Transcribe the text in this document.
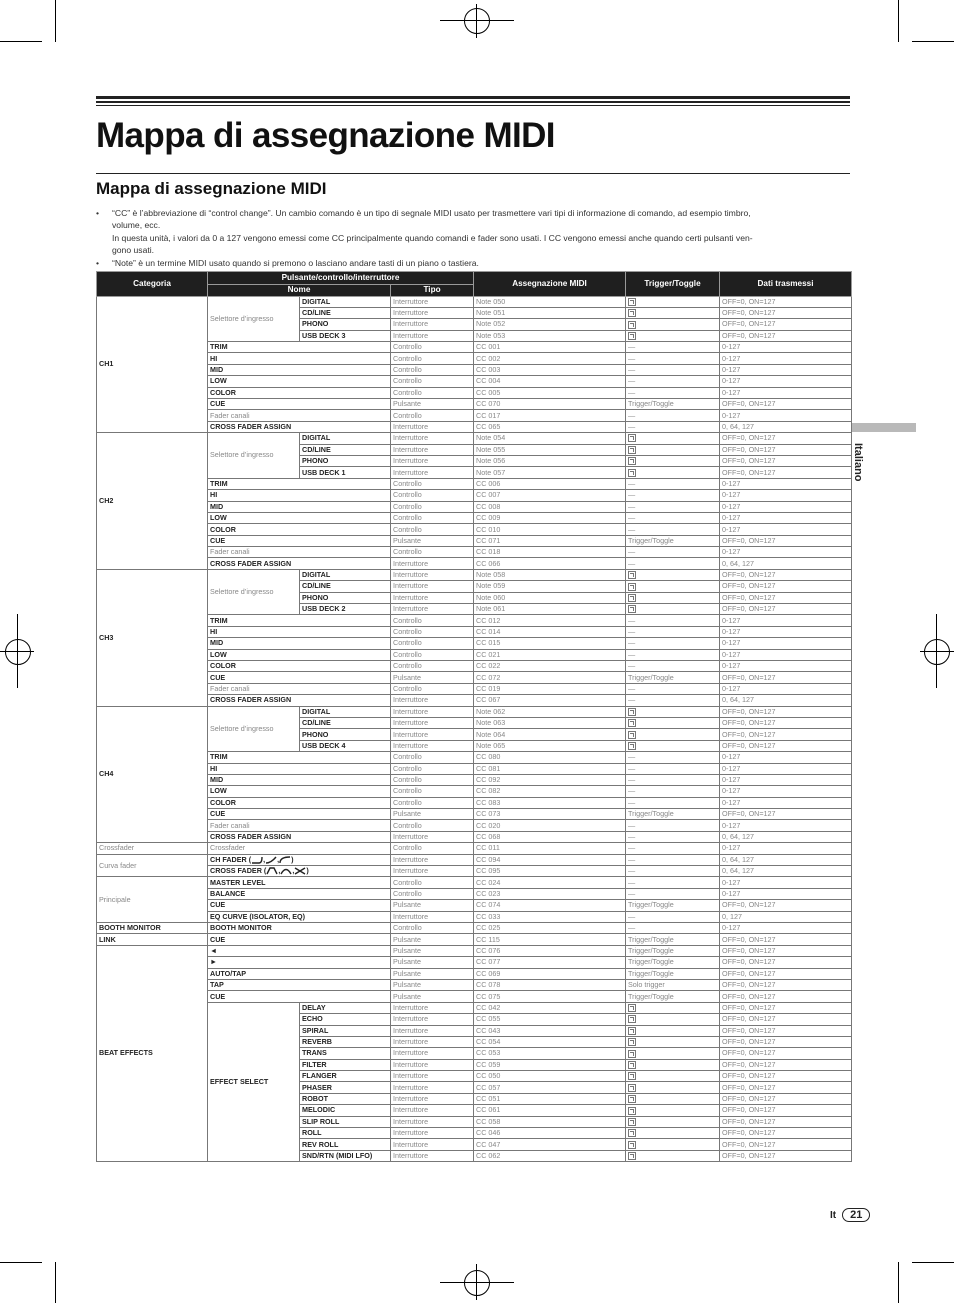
Mappa di assegnazione MIDI
Mappa di assegnazione MIDI
• “CC” è l’abbreviazione di “control change”. Un cambio comando è un tipo di segnale MIDI usato per trasmettere vari tipi di informazione di comando, ad esempio timbro,
volume, ecc.
In questa unità, i valori da 0 a 127 vengono emessi come CC principalmente quando comandi e fader sono usati. I CC vengono emessi anche quando certi pulsanti ven-
gono usati.
• “Note” è un termine MIDI usato quando si premono o lasciano andare tasti di un piano o tastiera.
Italiano
Categoria	Pulsante/controllo/interruttore			Assegnazione MIDI	Trigger/Toggle	Dati trasmessi
	Nome		Tipo			
CH1	Selettore d’ingresso	DIGITAL	Interruttore	Note 050		OFF=0, ON=127
		CD/LINE	Interruttore	Note 051		OFF=0, ON=127
		PHONO	Interruttore	Note 052		OFF=0, ON=127
		USB DECK 3	Interruttore	Note 053		OFF=0, ON=127
	TRIM		Controllo	CC 001	—	0-127
	HI		Controllo	CC 002	—	0-127
	MID		Controllo	CC 003	—	0-127
	LOW		Controllo	CC 004	—	0-127
	COLOR		Controllo	CC 005	—	0-127
	CUE		Pulsante	CC 070	Trigger/Toggle	OFF=0, ON=127
	Fader canali		Controllo	CC 017	—	0-127
	CROSS FADER ASSIGN		Interruttore	CC 065	—	0, 64, 127
CH2	Selettore d’ingresso	DIGITAL	Interruttore	Note 054		OFF=0, ON=127
		CD/LINE	Interruttore	Note 055		OFF=0, ON=127
		PHONO	Interruttore	Note 056		OFF=0, ON=127
		USB DECK 1	Interruttore	Note 057		OFF=0, ON=127
	TRIM		Controllo	CC 006	—	0-127
	HI		Controllo	CC 007	—	0-127
	MID		Controllo	CC 008	—	0-127
	LOW		Controllo	CC 009	—	0-127
	COLOR		Controllo	CC 010	—	0-127
	CUE		Pulsante	CC 071	Trigger/Toggle	OFF=0, ON=127
	Fader canali		Controllo	CC 018	—	0-127
	CROSS FADER ASSIGN		Interruttore	CC 066	—	0, 64, 127
CH3	Selettore d’ingresso	DIGITAL	Interruttore	Note 058		OFF=0, ON=127
		CD/LINE	Interruttore	Note 059		OFF=0, ON=127
		PHONO	Interruttore	Note 060		OFF=0, ON=127
		USB DECK 2	Interruttore	Note 061		OFF=0, ON=127
	TRIM		Controllo	CC 012	—	0-127
	HI		Controllo	CC 014	—	0-127
	MID		Controllo	CC 015	—	0-127
	LOW		Controllo	CC 021	—	0-127
	COLOR		Controllo	CC 022	—	0-127
	CUE		Pulsante	CC 072	Trigger/Toggle	OFF=0, ON=127
	Fader canali		Controllo	CC 019	—	0-127
	CROSS FADER ASSIGN		Interruttore	CC 067	—	0, 64, 127
CH4	Selettore d’ingresso	DIGITAL	Interruttore	Note 062		OFF=0, ON=127
		CD/LINE	Interruttore	Note 063		OFF=0, ON=127
		PHONO	Interruttore	Note 064		OFF=0, ON=127
		USB DECK 4	Interruttore	Note 065		OFF=0, ON=127
	TRIM		Controllo	CC 080	—	0-127
	HI		Controllo	CC 081	—	0-127
	MID		Controllo	CC 092	—	0-127
	LOW		Controllo	CC 082	—	0-127
	COLOR		Controllo	CC 083	—	0-127
	CUE		Pulsante	CC 073	Trigger/Toggle	OFF=0, ON=127
	Fader canali		Controllo	CC 020	—	0-127
	CROSS FADER ASSIGN		Interruttore	CC 068	—	0, 64, 127
Crossfader	Crossfader		Controllo	CC 011	—	0-127
Curva fader	CH FADER ( , , )		Interruttore	CC 094	—	0, 64, 127
	CROSS FADER ( , , )		Interruttore	CC 095	—	0, 64, 127
Principale	MASTER LEVEL		Controllo	CC 024	—	0-127
	BALANCE		Controllo	CC 023	—	0-127
	CUE		Pulsante	CC 074	Trigger/Toggle	OFF=0, ON=127
	EQ CURVE (ISOLATOR, EQ)		Interruttore	CC 033	—	0, 127
BOOTH MONITOR	BOOTH MONITOR		Controllo	CC 025	—	0-127
LINK	CUE		Pulsante	CC 115	Trigger/Toggle	OFF=0, ON=127
BEAT EFFECTS	◄		Pulsante	CC 076	Trigger/Toggle	OFF=0, ON=127
	►		Pulsante	CC 077	Trigger/Toggle	OFF=0, ON=127
	AUTO/TAP		Pulsante	CC 069	Trigger/Toggle	OFF=0, ON=127
	TAP		Pulsante	CC 078	Solo trigger	OFF=0, ON=127
	CUE		Pulsante	CC 075	Trigger/Toggle	OFF=0, ON=127
	EFFECT SELECT	DELAY	Interruttore	CC 042		OFF=0, ON=127
		ECHO	Interruttore	CC 055		OFF=0, ON=127
		SPIRAL	Interruttore	CC 043		OFF=0, ON=127
		REVERB	Interruttore	CC 054		OFF=0, ON=127
		TRANS	Interruttore	CC 053		OFF=0, ON=127
		FILTER	Interruttore	CC 059		OFF=0, ON=127
		FLANGER	Interruttore	CC 050		OFF=0, ON=127
		PHASER	Interruttore	CC 057		OFF=0, ON=127
		ROBOT	Interruttore	CC 051		OFF=0, ON=127
		MELODIC	Interruttore	CC 061		OFF=0, ON=127
		SLIP ROLL	Interruttore	CC 058		OFF=0, ON=127
		ROLL	Interruttore	CC 046		OFF=0, ON=127
		REV ROLL	Interruttore	CC 047		OFF=0, ON=127
		SND/RTN (MIDI LFO)	Interruttore	CC 062		OFF=0, ON=127
It 21
